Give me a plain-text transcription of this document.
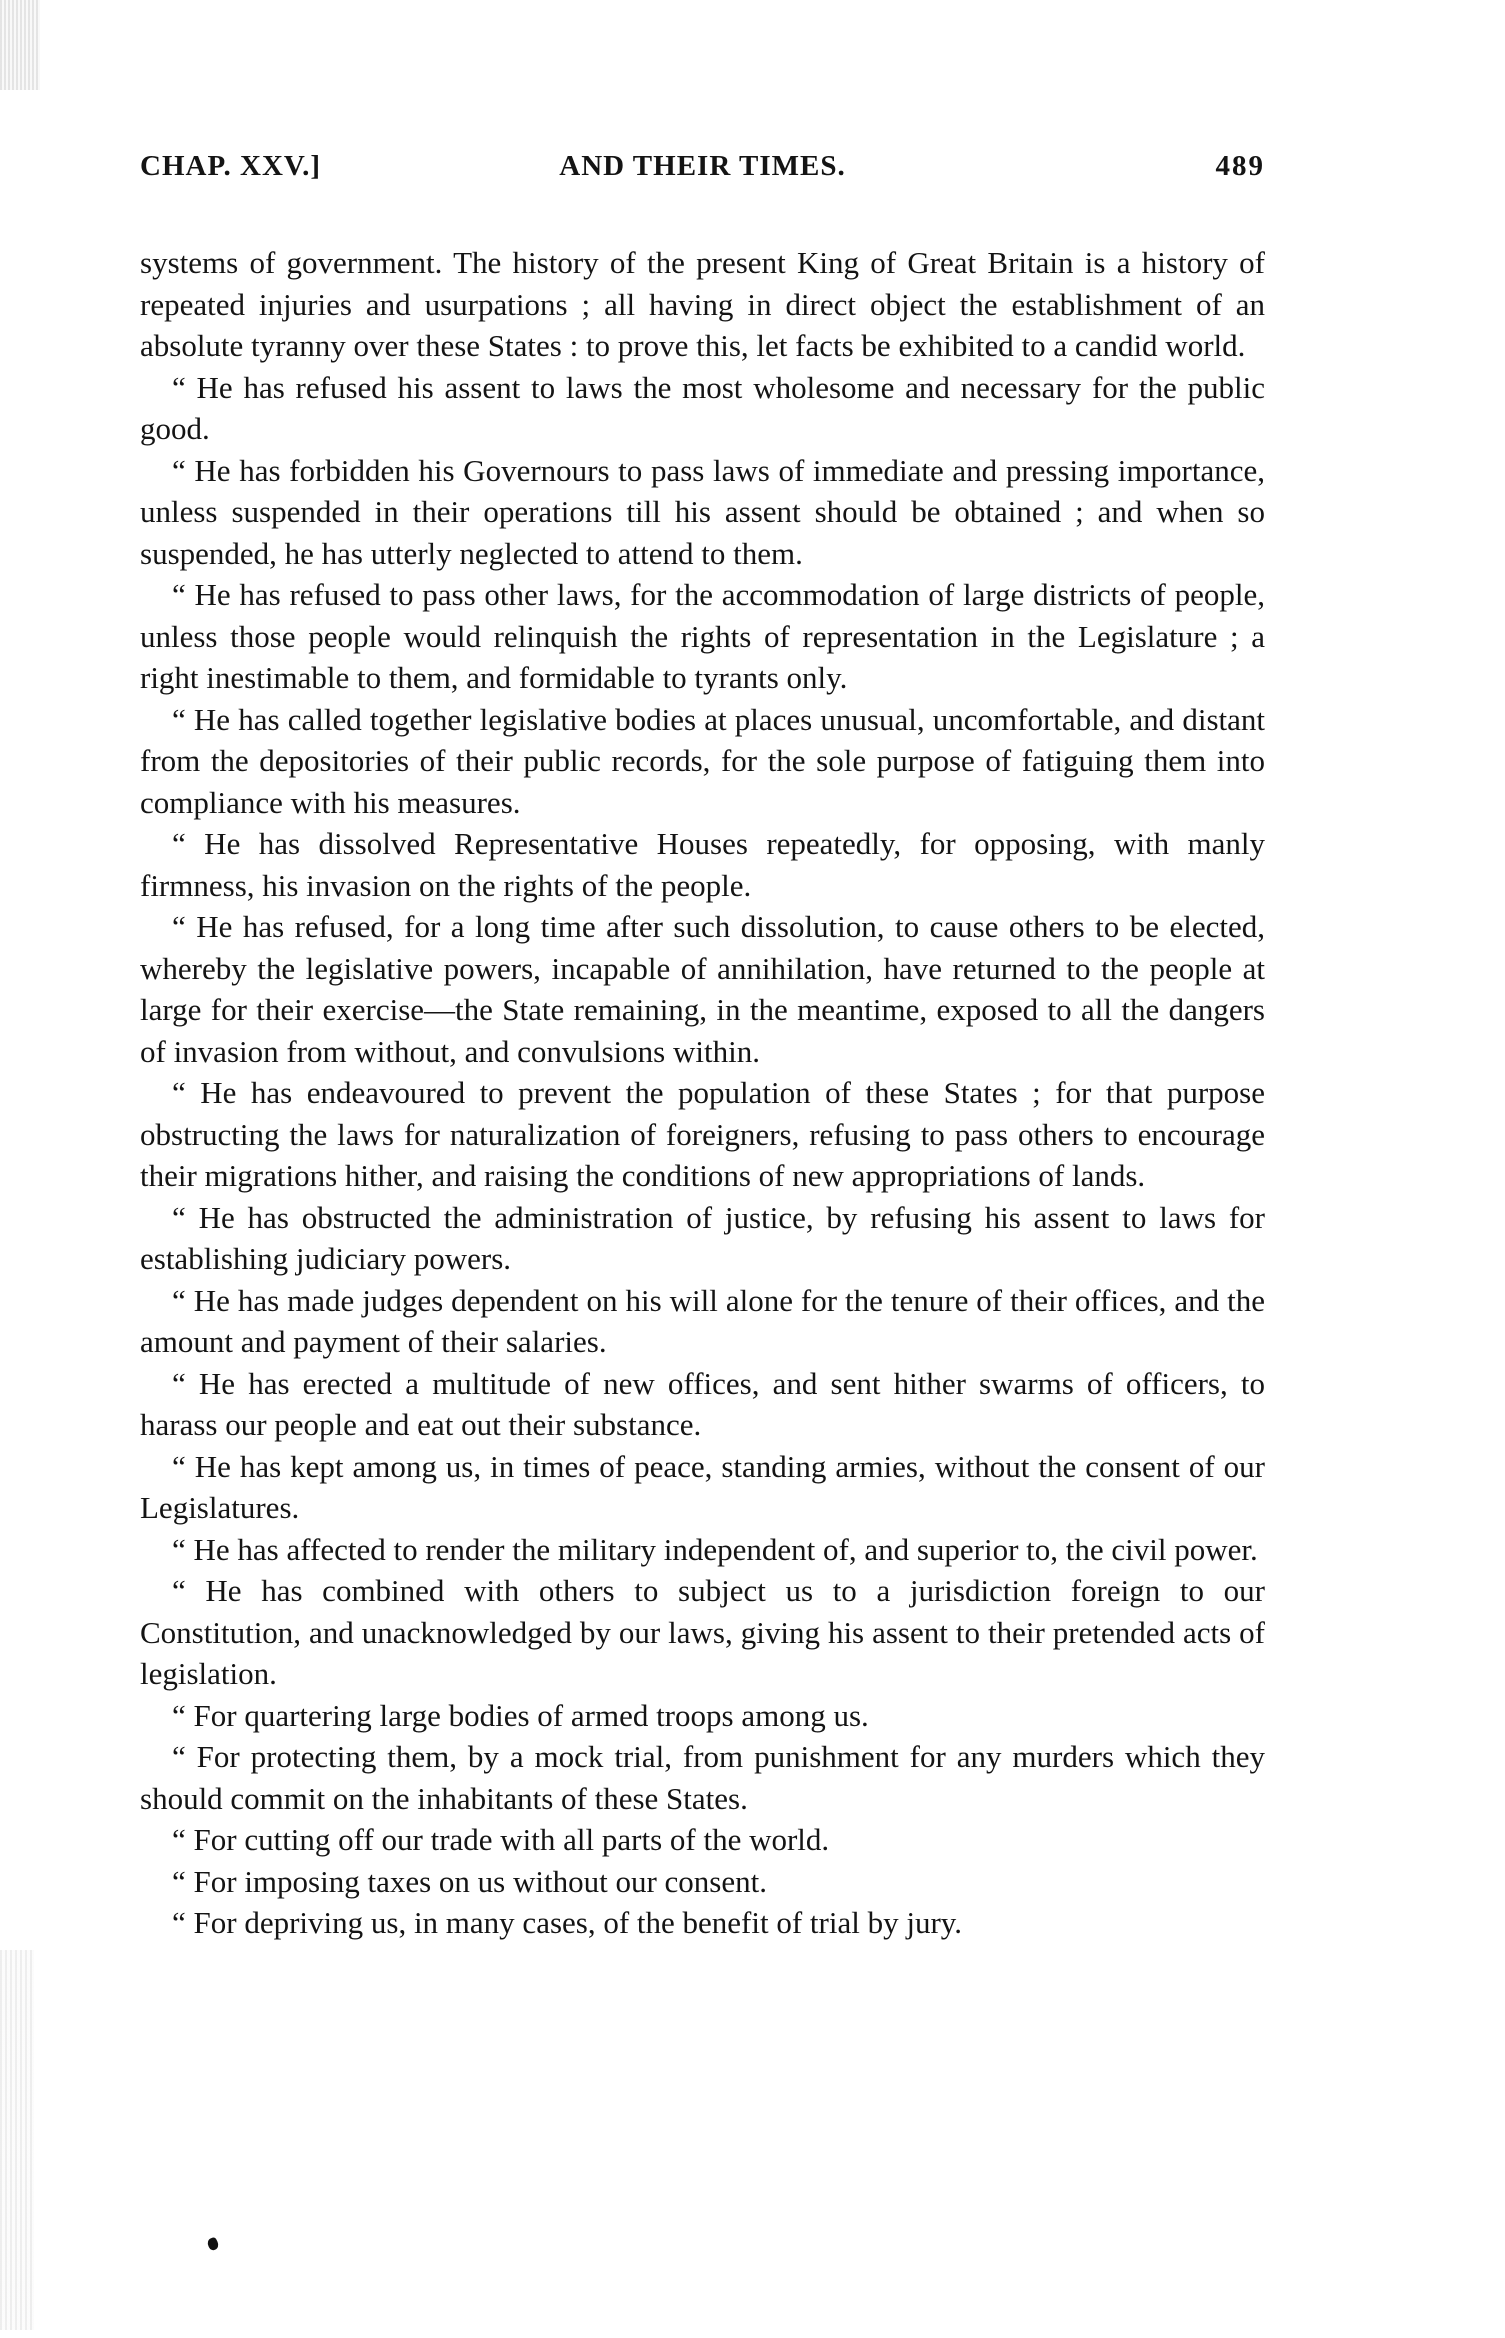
CHAP. XXV.]	AND THEIR TIMES.	489

systems of government. The history of the present King of Great Britain is a history of repeated injuries and usurpations ; all having in direct object the establishment of an absolute tyranny over these States : to prove this, let facts be exhibited to a candid world.

“ He has refused his assent to laws the most wholesome and necessary for the public good.

“ He has forbidden his Governours to pass laws of immediate and pressing importance, unless suspended in their operations till his assent should be obtained ; and when so suspended, he has utterly neglected to attend to them.

“ He has refused to pass other laws, for the accommodation of large districts of people, unless those people would relinquish the rights of representation in the Legislature ; a right inestimable to them, and formidable to tyrants only.

“ He has called together legislative bodies at places unusual, uncomfortable, and distant from the depositories of their public records, for the sole purpose of fatiguing them into compliance with his measures.

“ He has dissolved Representative Houses repeatedly, for opposing, with manly firmness, his invasion on the rights of the people.

“ He has refused, for a long time after such dissolution, to cause others to be elected, whereby the legislative powers, incapable of annihilation, have returned to the people at large for their exercise—the State remaining, in the meantime, exposed to all the dangers of invasion from without, and convulsions within.

“ He has endeavoured to prevent the population of these States ; for that purpose obstructing the laws for naturalization of foreigners, refusing to pass others to encourage their migrations hither, and raising the conditions of new appropriations of lands.

“ He has obstructed the administration of justice, by refusing his assent to laws for establishing judiciary powers.

“ He has made judges dependent on his will alone for the tenure of their offices, and the amount and payment of their salaries.

“ He has erected a multitude of new offices, and sent hither swarms of officers, to harass our people and eat out their substance.

“ He has kept among us, in times of peace, standing armies, without the consent of our Legislatures.

“ He has affected to render the military independent of, and superior to, the civil power.

“ He has combined with others to subject us to a jurisdiction foreign to our Constitution, and unacknowledged by our laws, giving his assent to their pretended acts of legislation.

“ For quartering large bodies of armed troops among us.

“ For protecting them, by a mock trial, from punishment for any murders which they should commit on the inhabitants of these States.

“ For cutting off our trade with all parts of the world.

“ For imposing taxes on us without our consent.

“ For depriving us, in many cases, of the benefit of trial by jury.
